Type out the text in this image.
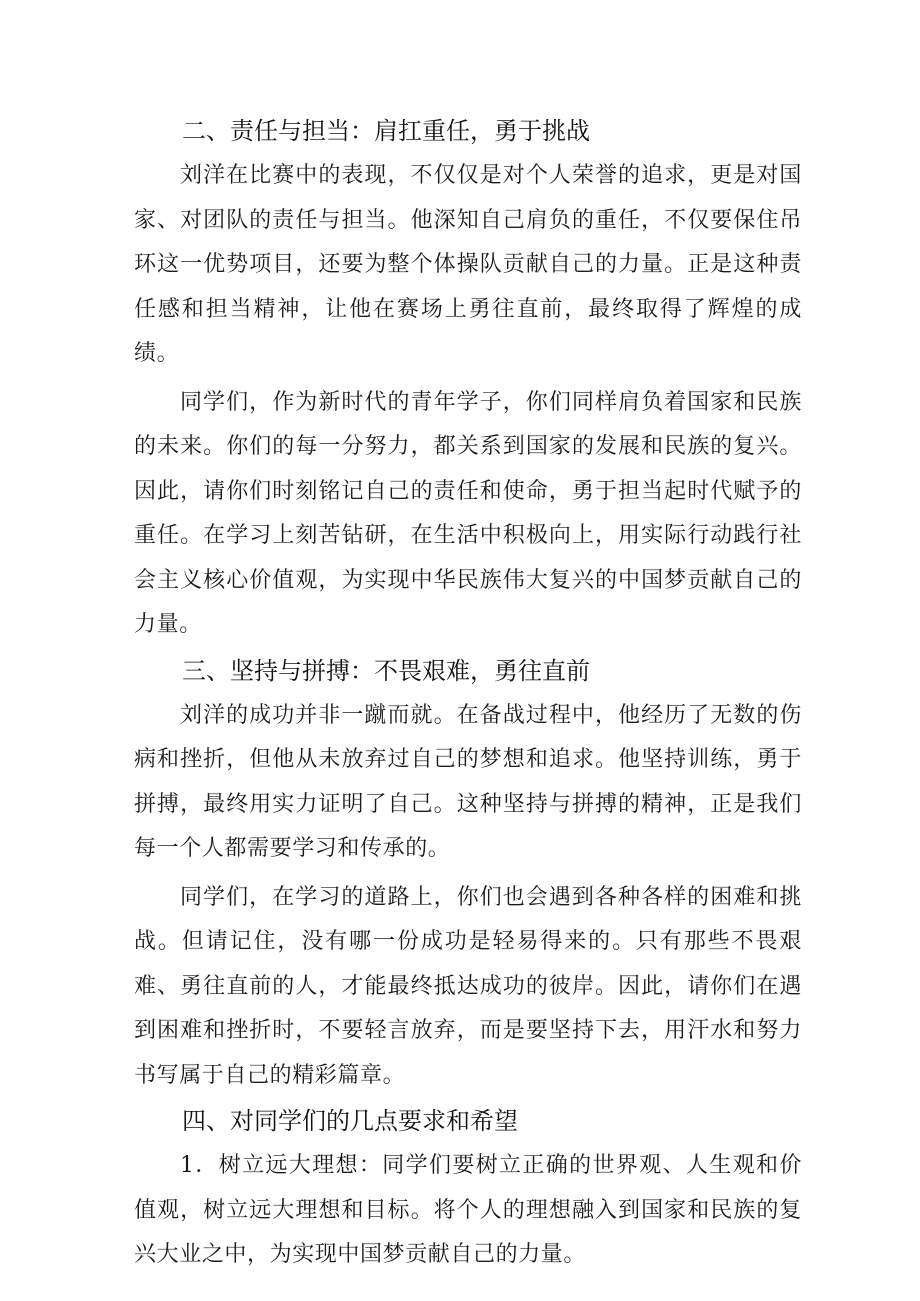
二、责任与担当：肩扛重任，勇于挑战

刘洋在比赛中的表现，不仅仅是对个人荣誉的追求，更是对国家、对团队的责任与担当。他深知自己肩负的重任，不仅要保住吊环这一优势项目，还要为整个体操队贡献自己的力量。正是这种责任感和担当精神，让他在赛场上勇往直前，最终取得了辉煌的成绩。

同学们，作为新时代的青年学子，你们同样肩负着国家和民族的未来。你们的每一分努力，都关系到国家的发展和民族的复兴。因此，请你们时刻铭记自己的责任和使命，勇于担当起时代赋予的重任。在学习上刻苦钻研，在生活中积极向上，用实际行动践行社会主义核心价值观，为实现中华民族伟大复兴的中国梦贡献自己的力量。

三、坚持与拼搏：不畏艰难，勇往直前

刘洋的成功并非一蹴而就。在备战过程中，他经历了无数的伤病和挫折，但他从未放弃过自己的梦想和追求。他坚持训练，勇于拼搏，最终用实力证明了自己。这种坚持与拼搏的精神，正是我们每一个人都需要学习和传承的。

同学们，在学习的道路上，你们也会遇到各种各样的困难和挑战。但请记住，没有哪一份成功是轻易得来的。只有那些不畏艰难、勇往直前的人，才能最终抵达成功的彼岸。因此，请你们在遇到困难和挫折时，不要轻言放弃，而是要坚持下去，用汗水和努力书写属于自己的精彩篇章。

四、对同学们的几点要求和希望

1．树立远大理想：同学们要树立正确的世界观、人生观和价值观，树立远大理想和目标。将个人的理想融入到国家和民族的复兴大业之中，为实现中国梦贡献自己的力量。
